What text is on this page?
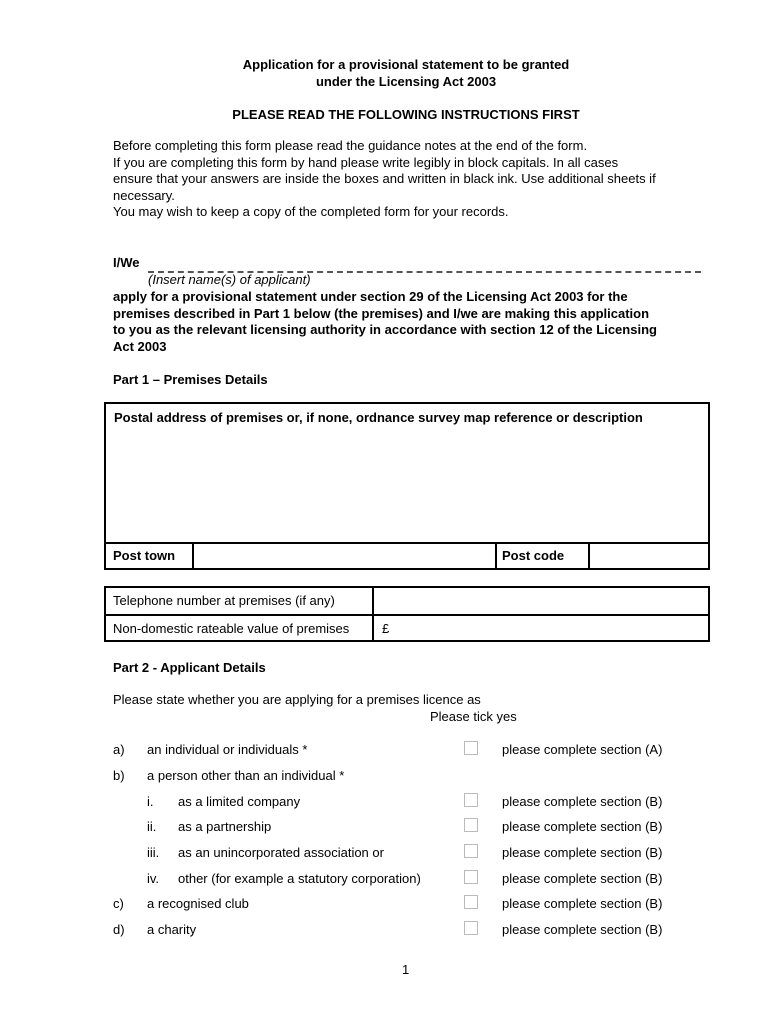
Application for a provisional statement to be granted
under the Licensing Act 2003
PLEASE READ THE FOLLOWING INSTRUCTIONS FIRST
Before completing this form please read the guidance notes at the end of the form.
If you are completing this form by hand please write legibly in block capitals. In all cases
ensure that your answers are inside the boxes and written in black ink. Use additional sheets if
necessary.
You may wish to keep a copy of the completed form for your records.
I/We
(Insert name(s) of applicant)
apply for a provisional statement under section 29 of the Licensing Act 2003 for the
premises described in Part 1 below (the premises) and I/we are making this application
to you as the relevant licensing authority in accordance with section 12 of the Licensing
Act 2003
Part 1 – Premises Details
Postal address of premises or, if none, ordnance survey map reference or description
Post town	Post code
Telephone number at premises (if any)
Non-domestic rateable value of premises	£
Part 2 - Applicant Details
Please state whether you are applying for a premises licence as
Please tick yes
a) an individual or individuals *	please complete section (A)
b) a person other than an individual *
i. as a limited company	please complete section (B)
ii. as a partnership	please complete section (B)
iii. as an unincorporated association or	please complete section (B)
iv. other (for example a statutory corporation)	please complete section (B)
c) a recognised club	please complete section (B)
d) a charity	please complete section (B)
1
